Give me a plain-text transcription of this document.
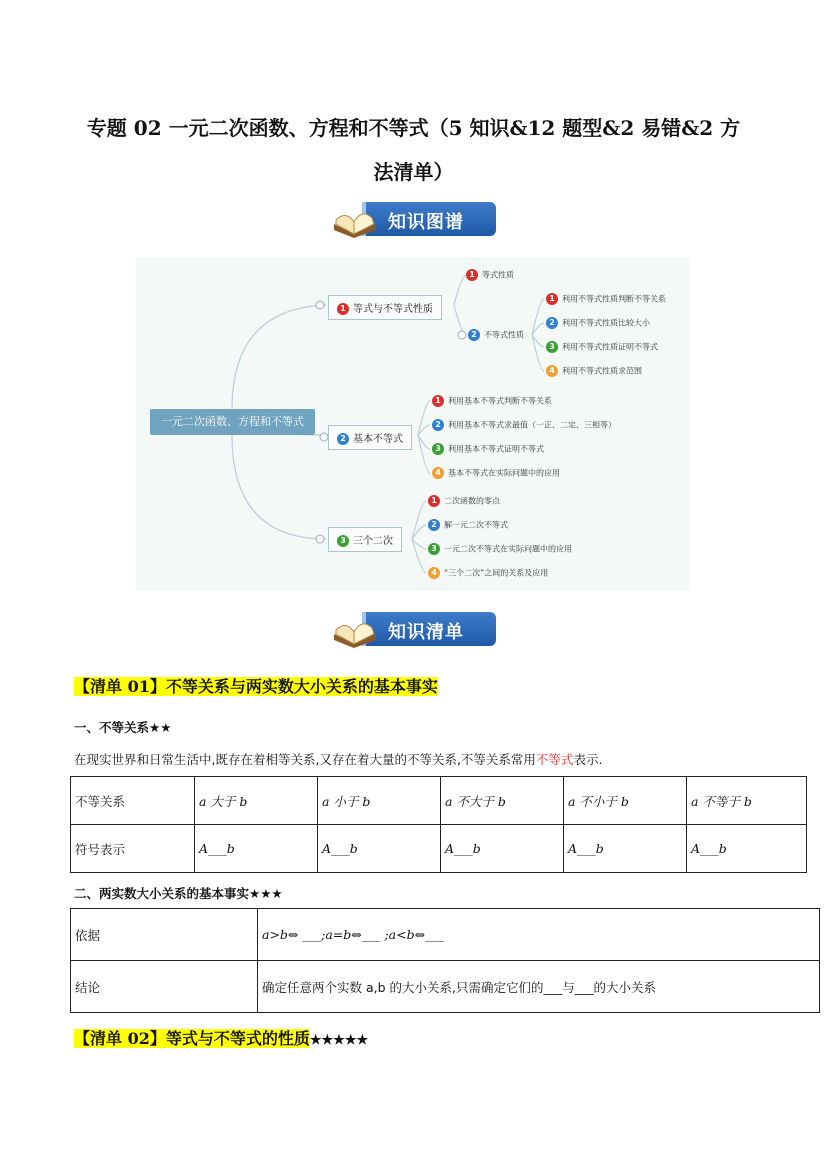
专题 02 一元二次函数、方程和不等式（5 知识&12 题型&2 易错&2 方
法清单）
知识图谱
一元二次函数、方程和不等式
1 等式与不等式性质
1 等式性质
2 不等式性质
1 利用不等式性质判断不等关系
2 利用不等式性质比较大小
3 利用不等式性质证明不等式
4 利用不等式性质求范围
2 基本不等式
1 利用基本不等式判断不等关系
2 利用基本不等式求最值（一正、二定、三相等）
3 利用基本不等式证明不等式
4 基本不等式在实际问题中的应用
3 三个二次
1 二次函数的零点
2 解一元二次不等式
3 一元二次不等式在实际问题中的应用
4 “三个二次”之间的关系及应用
知识清单
【清单 01】不等关系与两实数大小关系的基本事实
一、不等关系★★
在现实世界和日常生活中,既存在着相等关系,又存在着大量的不等关系,不等关系常用不等式表示.
不等关系	a 大于 b	a 小于 b	a 不大于 b	a 不小于 b	a 不等于 b
符号表示	A___b	A___b	A___b	A___b	A___b
二、两实数大小关系的基本事实★★★
依据	a>b⇔ ___;a=b⇔___ ;a<b⇔___
结论	确定任意两个实数 a,b 的大小关系,只需确定它们的___与___的大小关系
【清单 02】等式与不等式的性质★★★★★
